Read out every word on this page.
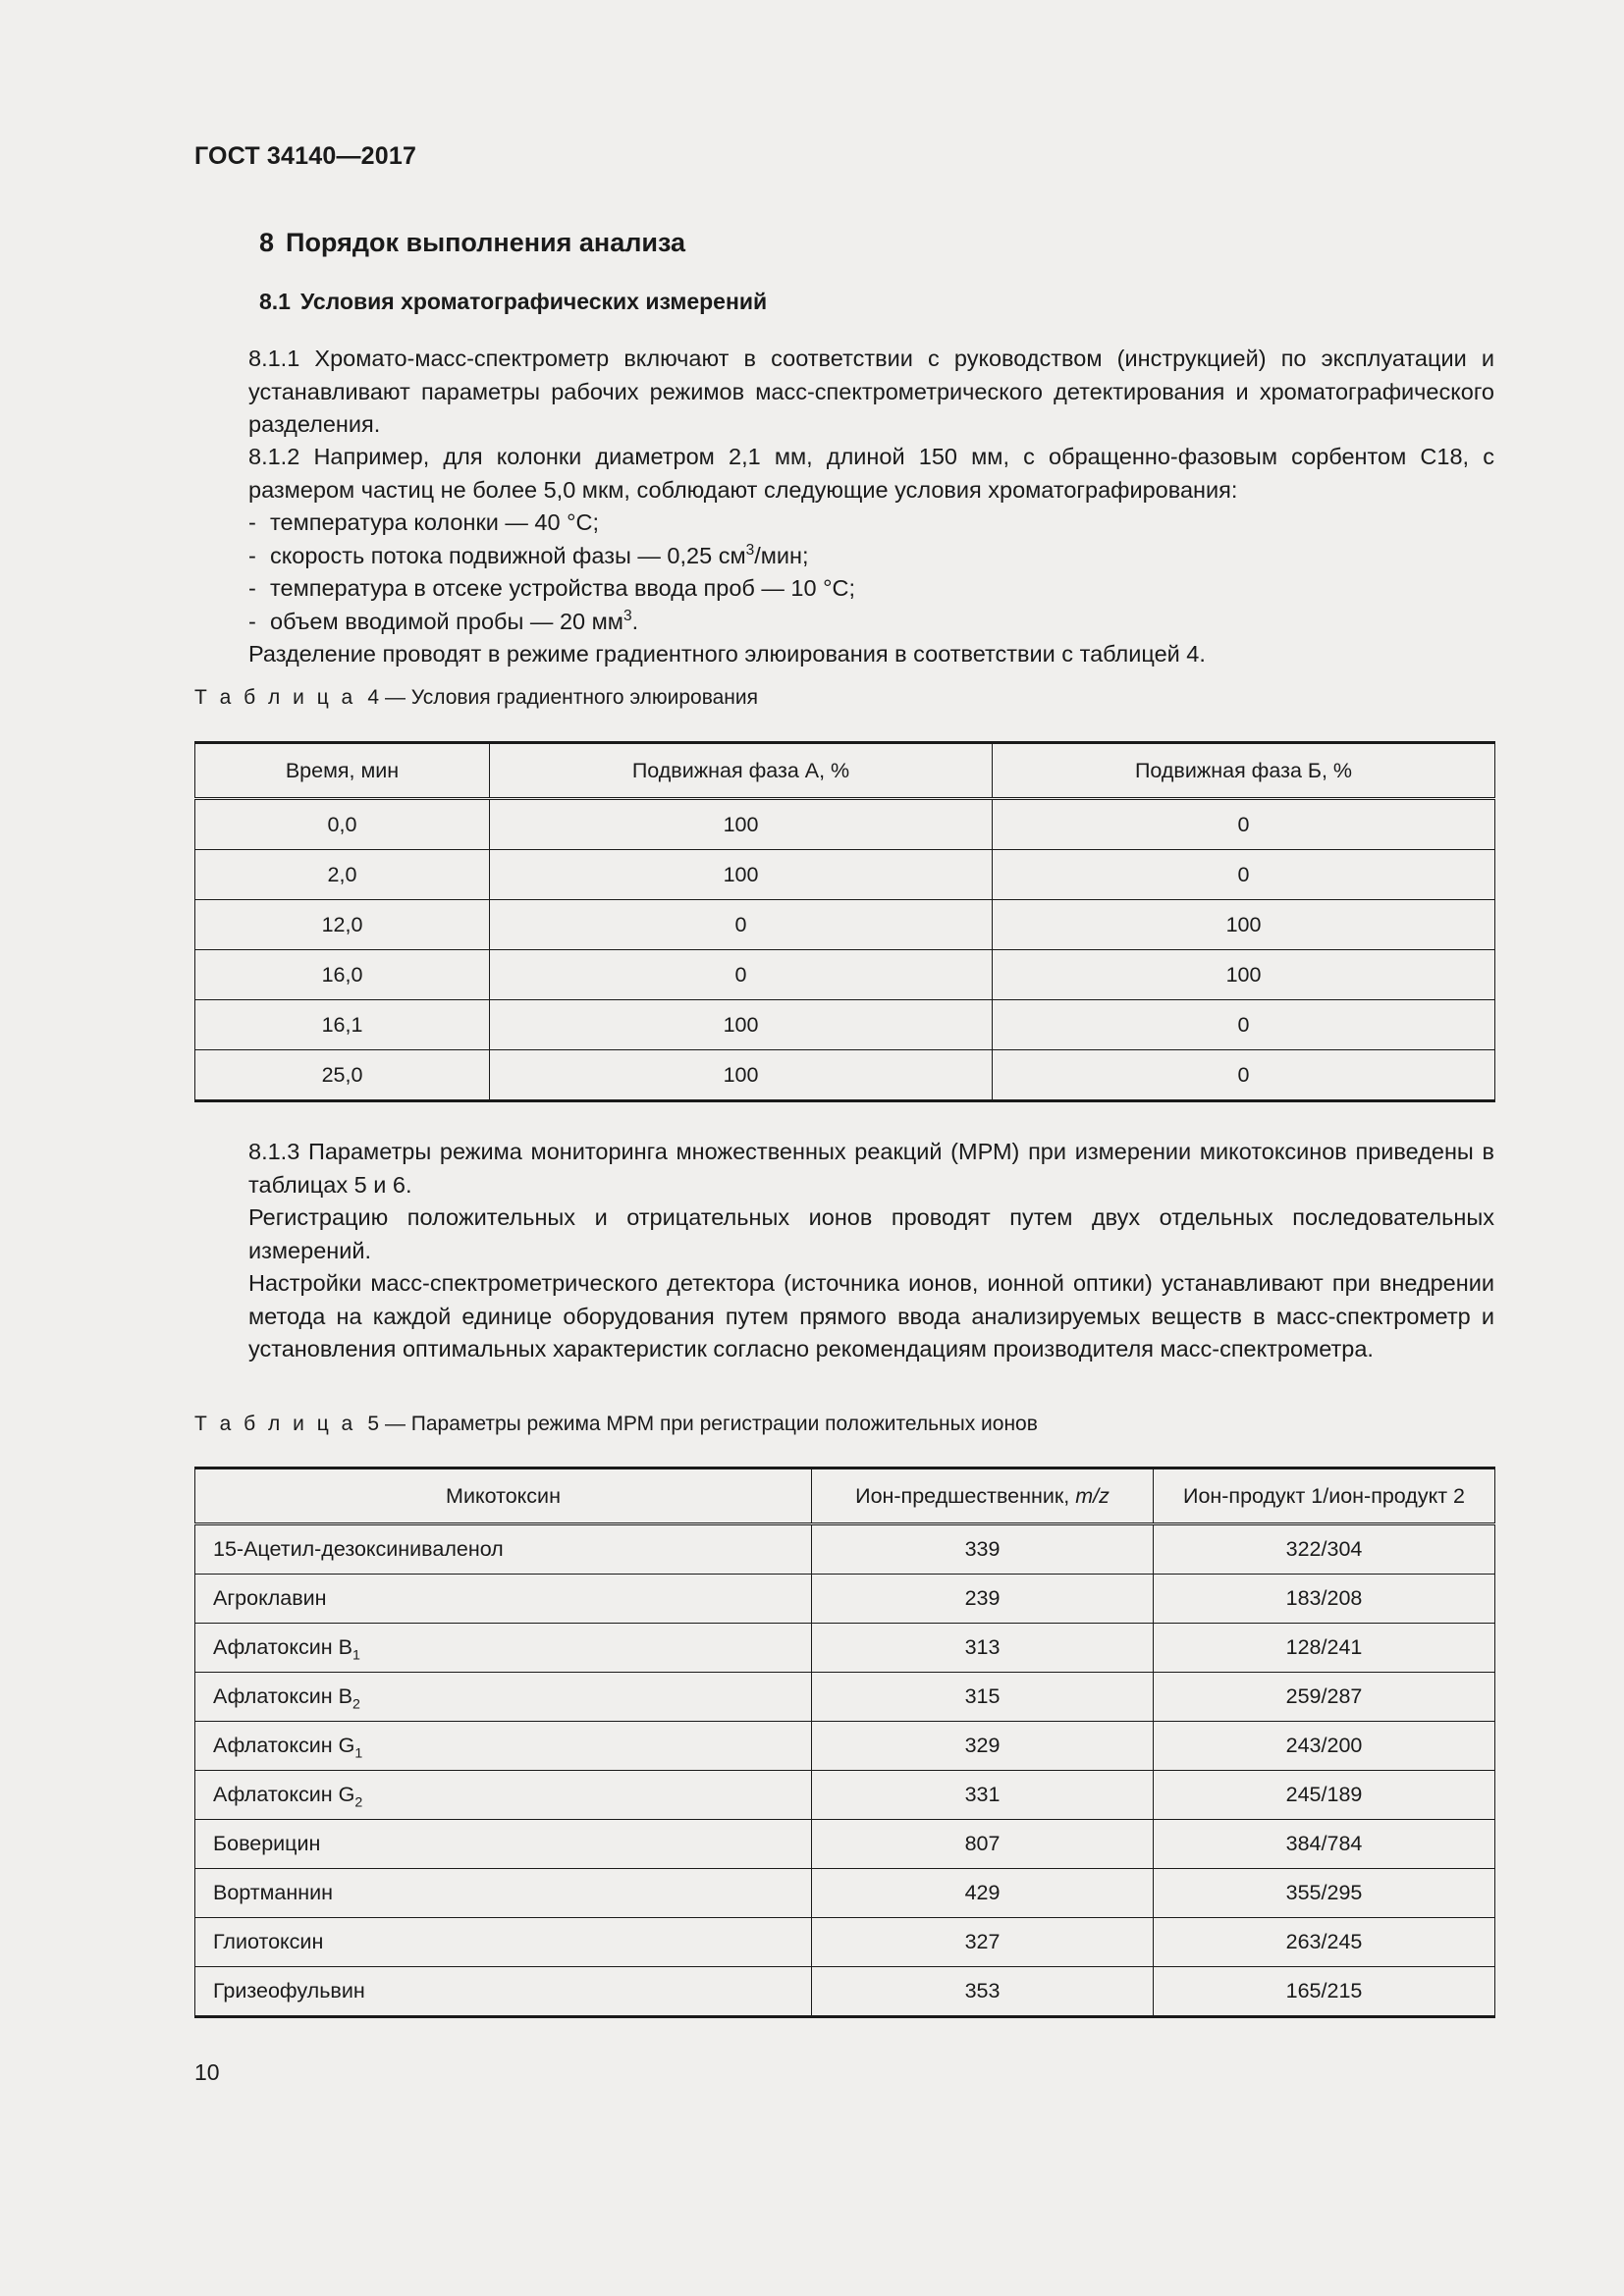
ГОСТ 34140—2017
8 Порядок выполнения анализа
8.1 Условия хроматографических измерений

8.1.1 Хромато-масс-спектрометр включают в соответствии с руководством (инструкцией) по эксплуатации и устанавливают параметры рабочих режимов масс-спектрометрического детектирования и хроматографического разделения.

8.1.2 Например, для колонки диаметром 2,1 мм, длиной 150 мм, с обращенно-фазовым сорбентом С18, с размером частиц не более 5,0 мкм, соблюдают следующие условия хроматографирования:

- температура колонки — 40 °C;
- скорость потока подвижной фазы — 0,25 $см^3$/мин;
- температура в отсеке устройства ввода проб — 10 °C;
- объем вводимой пробы — 20 $мм^3$.

Разделение проводят в режиме градиентного элюирования в соответствии с таблицей 4.

Т а б л и ц а 4 — Условия градиентного элюирования
Время, мин	Подвижная фаза А, %	Подвижная фаза Б, %
0,0	100	0
2,0	100	0
12,0	0	100
16,0	0	100
16,1	100	0
25,0	100	0

8.1.3 Параметры режима мониторинга множественных реакций (МРМ) при измерении микотоксинов приведены в таблицах 5 и 6.

Регистрацию положительных и отрицательных ионов проводят путем двух отдельных последовательных измерений.

Настройки масс-спектрометрического детектора (источника ионов, ионной оптики) устанавливают при внедрении метода на каждой единице оборудования путем прямого ввода анализируемых веществ в масс-спектрометр и установления оптимальных характеристик согласно рекомендациям производителя масс-спектрометра.

Т а б л и ц а 5 — Параметры режима МРМ при регистрации положительных ионов
Микотоксин	Ион-предшественник, m/z	Ион-продукт 1/ион-продукт 2
15-Ацетил-дезоксиниваленол	339	322/304
Агроклавин	239	183/208
Афлатоксин $B_1$	313	128/241
Афлатоксин $B_2$	315	259/287
Афлатоксин $G_1$	329	243/200
Афлатоксин $G_2$	331	245/189
Боверицин	807	384/784
Вортманнин	429	355/295
Глиотоксин	327	263/245
Гризеофульвин	353	165/215
10
